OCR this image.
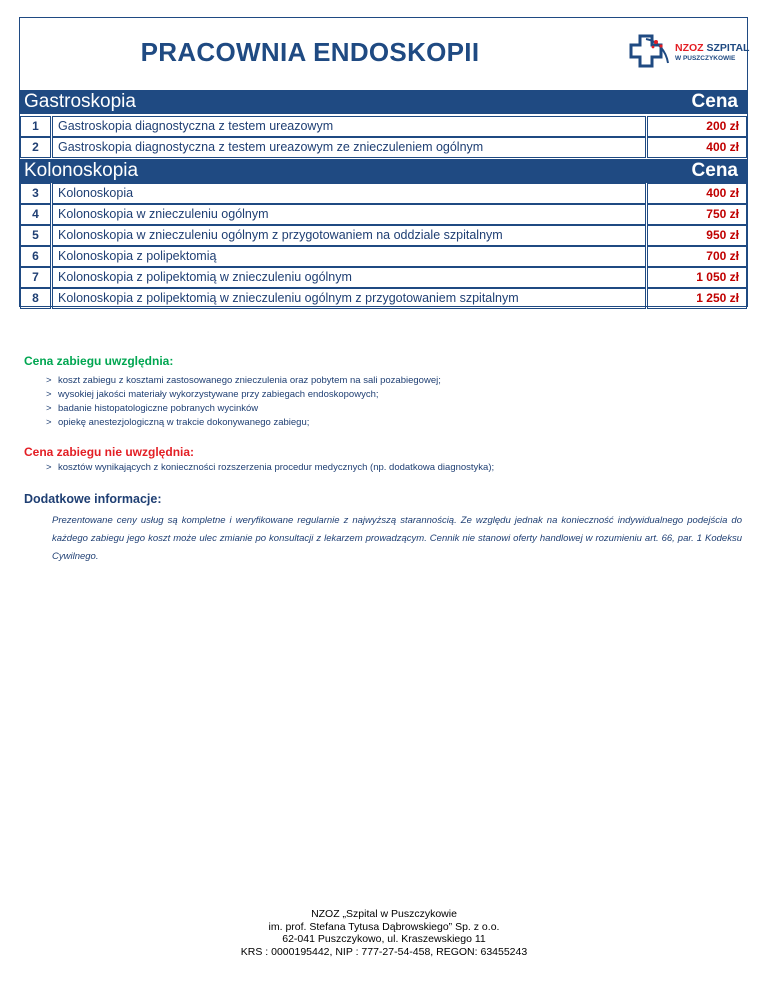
PRACOWNIA ENDOSKOPII	NZOZ SZPITAL
W PUSZCZYKOWIE
Gastroskopia	Cena
1	Gastroskopia diagnostyczna z testem ureazowym	200 zł
2	Gastroskopia diagnostyczna z testem ureazowym ze znieczuleniem ogólnym	400 zł
Kolonoskopia	Cena
3	Kolonoskopia	400 zł
4	Kolonoskopia w znieczuleniu ogólnym	750 zł
5	Kolonoskopia w znieczuleniu ogólnym z przygotowaniem na oddziale szpitalnym	950 zł
6	Kolonoskopia z polipektomią	700 zł
7	Kolonoskopia z polipektomią w znieczuleniu ogólnym	1 050 zł
8	Kolonoskopia z polipektomią w znieczuleniu ogólnym z przygotowaniem szpitalnym	1 250 zł
Cena zabiegu uwzględnia:
> koszt zabiegu z kosztami zastosowanego znieczulenia oraz pobytem na sali pozabiegowej;
> wysokiej jakości materiały wykorzystywane przy zabiegach endoskopowych;
> badanie histopatologiczne pobranych wycinków
> opiekę anestezjologiczną w trakcie dokonywanego zabiegu;
Cena zabiegu nie uwzględnia:
> kosztów wynikających z konieczności rozszerzenia procedur medycznych (np. dodatkowa diagnostyka);
Dodatkowe informacje:
Prezentowane ceny usług są kompletne i weryfikowane regularnie z najwyższą starannością. Ze względu jednak na konieczność indywidualnego podejścia do każdego zabiegu jego koszt może ulec zmianie po konsultacji z lekarzem prowadzącym. Cennik nie stanowi oferty handlowej w rozumieniu art. 66, par. 1 Kodeksu Cywilnego.
NZOZ „Szpital w Puszczykowie
im. prof. Stefana Tytusa Dąbrowskiego” Sp. z o.o.
62-041 Puszczykowo, ul. Kraszewskiego 11
KRS : 0000195442, NIP : 777-27-54-458, REGON: 63455243
